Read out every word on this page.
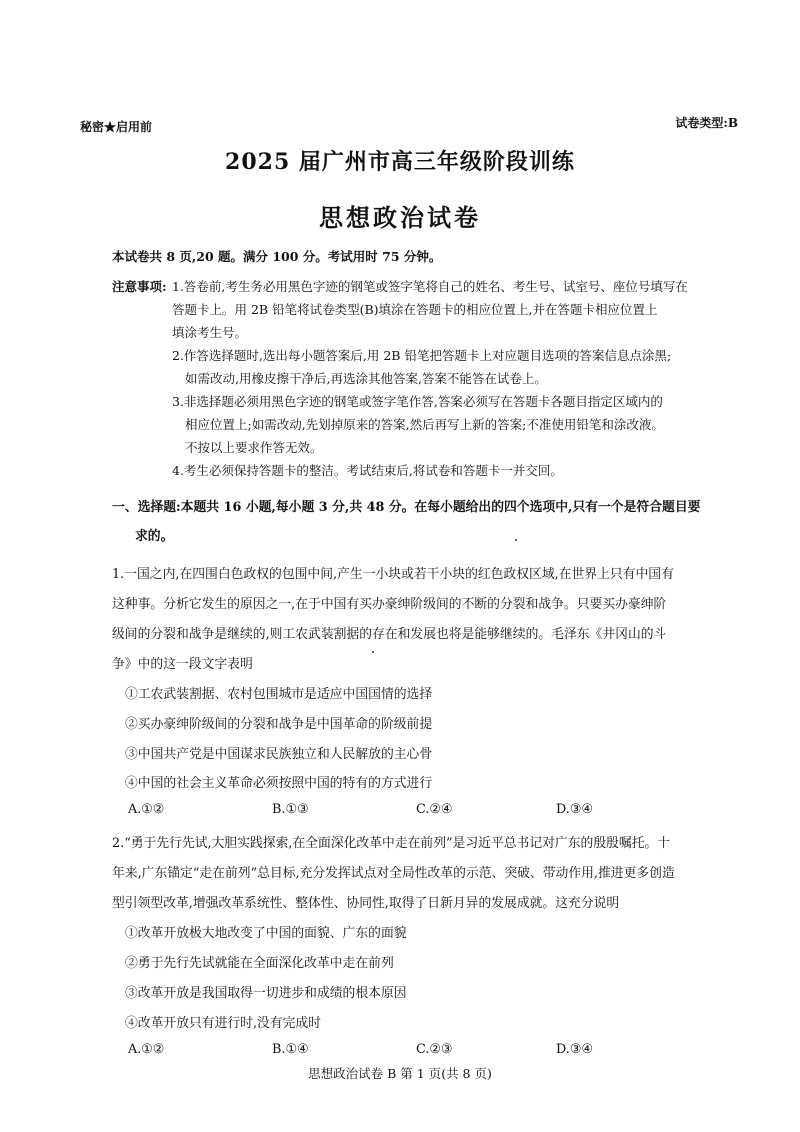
秘密★启用前	试卷类型:B
2025 届广州市高三年级阶段训练
思想政治试卷
本试卷共 8 页,20 题。满分 100 分。考试用时 75 分钟。
注意事项: 1.答卷前,考生务必用黑色字迹的钢笔或签字笔将自己的姓名、考生号、试室号、座位号填写在
答题卡上。用 2B 铅笔将试卷类型(B)填涂在答题卡的相应位置上,并在答题卡相应位置上
填涂考生号。
2.作答选择题时,选出每小题答案后,用 2B 铅笔把答题卡上对应题目选项的答案信息点涂黑;
如需改动,用橡皮擦干净后,再选涂其他答案,答案不能答在试卷上。
3.非选择题必须用黑色字迹的钢笔或签字笔作答,答案必须写在答题卡各题目指定区域内的
相应位置上;如需改动,先划掉原来的答案,然后再写上新的答案;不准使用铅笔和涂改液。
不按以上要求作答无效。
4.考生必须保持答题卡的整洁。考试结束后,将试卷和答题卡一并交回。
一、选择题:本题共 16 小题,每小题 3 分,共 48 分。在每小题给出的四个选项中,只有一个是符合题目要
求的。
1.一国之内,在四围白色政权的包围中间,产生一小块或若干小块的红色政权区域,在世界上只有中国有
这种事。分析它发生的原因之一,在于中国有买办豪绅阶级间的不断的分裂和战争。只要买办豪绅阶
级间的分裂和战争是继续的,则工农武装割据的存在和发展也将是能够继续的。毛泽东《井冈山的斗
争》中的这一段文字表明
①工农武装割据、农村包围城市是适应中国国情的选择
②买办豪绅阶级间的分裂和战争是中国革命的阶级前提
③中国共产党是中国谋求民族独立和人民解放的主心骨
④中国的社会主义革命必须按照中国的特有的方式进行
A.①②	B.①③	C.②④	D.③④
2.“勇于先行先试,大胆实践探索,在全面深化改革中走在前列”是习近平总书记对广东的殷殷嘱托。十
年来,广东锚定“走在前列”总目标,充分发挥试点对全局性改革的示范、突破、带动作用,推进更多创造
型引领型改革,增强改革系统性、整体性、协同性,取得了日新月异的发展成就。这充分说明
①改革开放极大地改变了中国的面貌、广东的面貌
②勇于先行先试就能在全面深化改革中走在前列
③改革开放是我国取得一切进步和成绩的根本原因
④改革开放只有进行时,没有完成时
A.①②	B.①④	C.②③	D.③④
思想政治试卷 B 第 1 页(共 8 页)
